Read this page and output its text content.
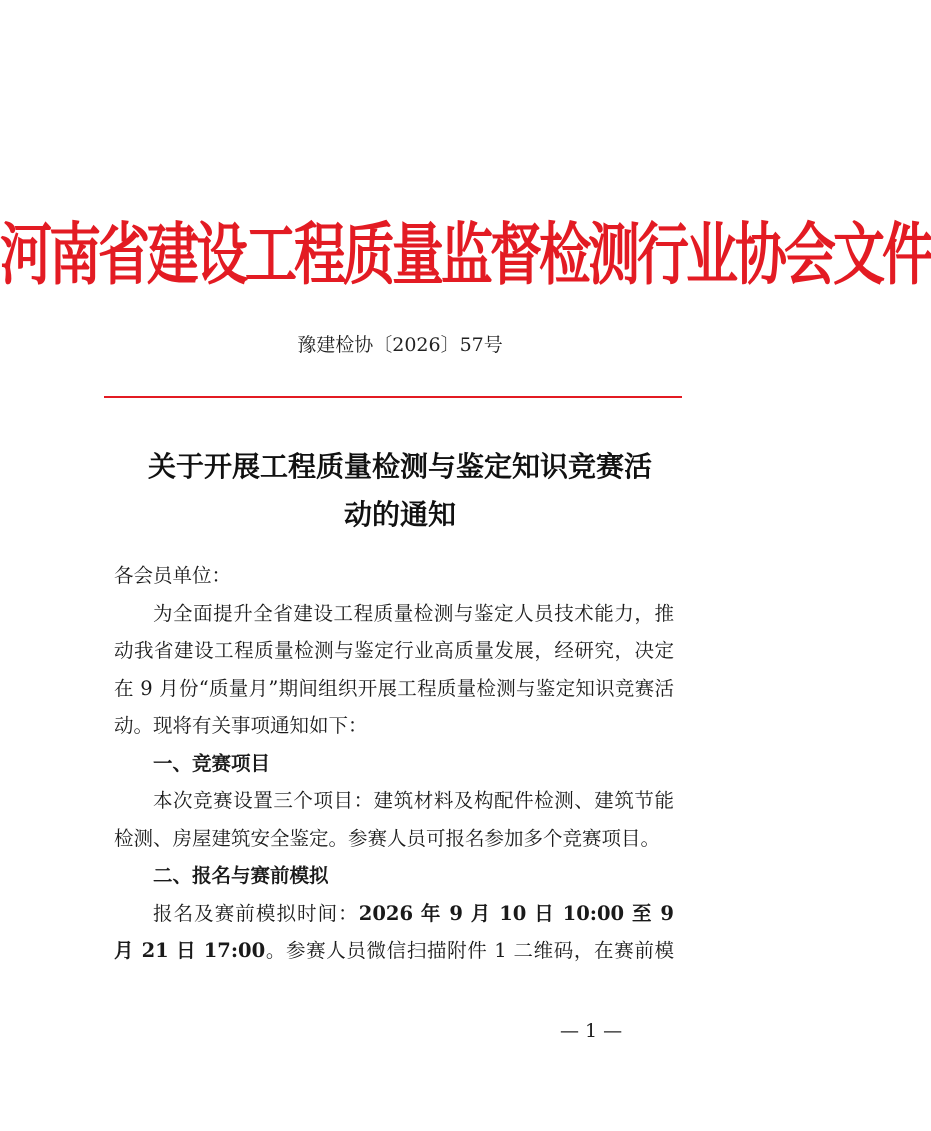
河南省建设工程质量监督检测行业协会文件
豫建检协〔2026〕57号
关于开展工程质量检测与鉴定知识竞赛活
动的通知

各会员单位：

为全面提升全省建设工程质量检测与鉴定人员技术能力，推动我省建设工程质量检测与鉴定行业高质量发展，经研究，决定在 9 月份“质量月”期间组织开展工程质量检测与鉴定知识竞赛活动。现将有关事项通知如下：

一、竞赛项目

本次竞赛设置三个项目：建筑材料及构配件检测、建筑节能检测、房屋建筑安全鉴定。参赛人员可报名参加多个竞赛项目。

二、报名与赛前模拟

报名及赛前模拟时间：2026 年 9 月 10 日 10:00 至 9 月 21 日 17:00。参赛人员微信扫描附件 1 二维码，在赛前模

— 1 —
